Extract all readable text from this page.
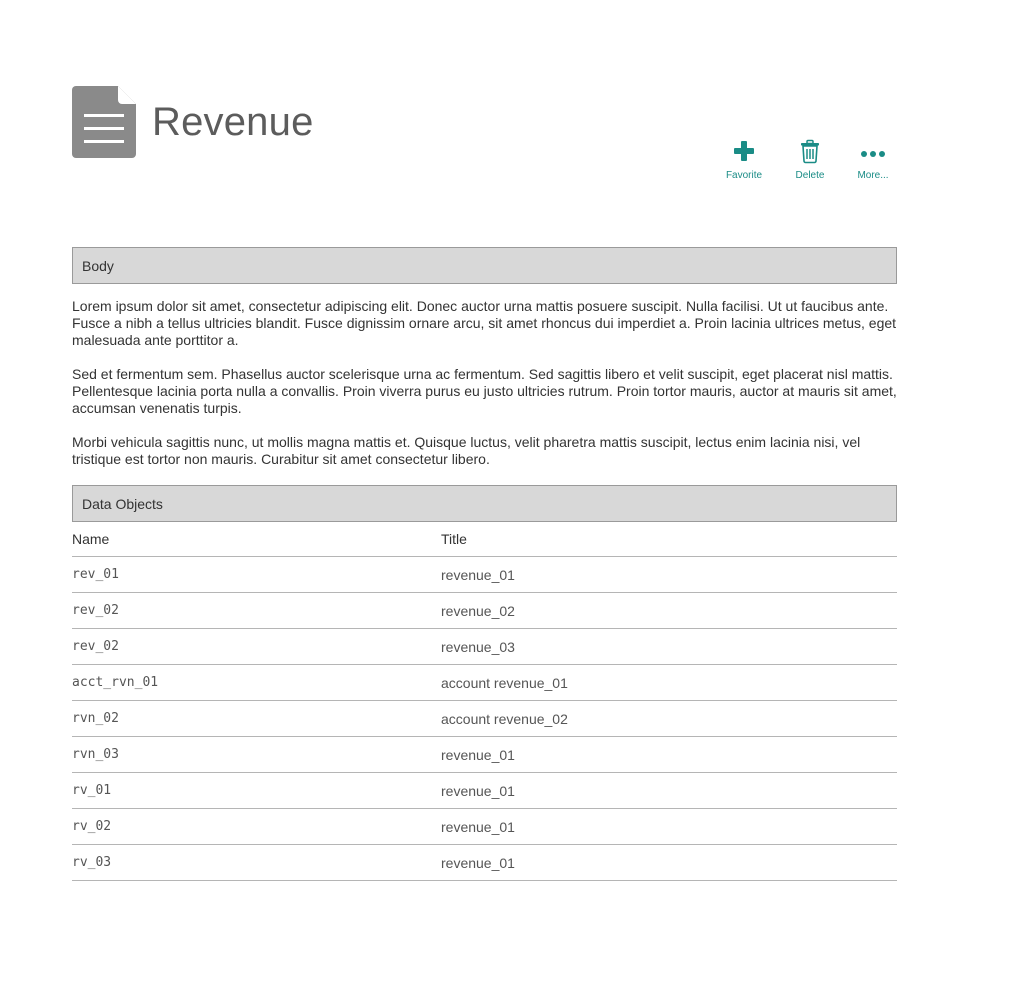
Revenue
Favorite	Delete	More...
Body

Lorem ipsum dolor sit amet, consectetur adipiscing elit. Donec auctor urna mattis posuere suscipit. Nulla facilisi. Ut ut faucibus ante. Fusce a nibh a tellus ultricies blandit. Fusce dignissim ornare arcu, sit amet rhoncus dui imperdiet a. Proin lacinia ultrices metus, eget malesuada ante porttitor a.

Sed et fermentum sem. Phasellus auctor scelerisque urna ac fermentum. Sed sagittis libero et velit suscipit, eget placerat nisl mattis. Pellentesque lacinia porta nulla a convallis. Proin viverra purus eu justo ultricies rutrum. Proin tortor mauris, auctor at mauris sit amet, accumsan venenatis turpis.

Morbi vehicula sagittis nunc, ut mollis magna mattis et. Quisque luctus, velit pharetra mattis suscipit, lectus enim lacinia nisi, vel tristique est tortor non mauris. Curabitur sit amet consectetur libero.

Data Objects
Name	Title
rev_01	revenue_01
rev_02	revenue_02
rev_02	revenue_03
acct_rvn_01	account revenue_01
rvn_02	account revenue_02
rvn_03	revenue_01
rv_01	revenue_01
rv_02	revenue_01
rv_03	revenue_01
